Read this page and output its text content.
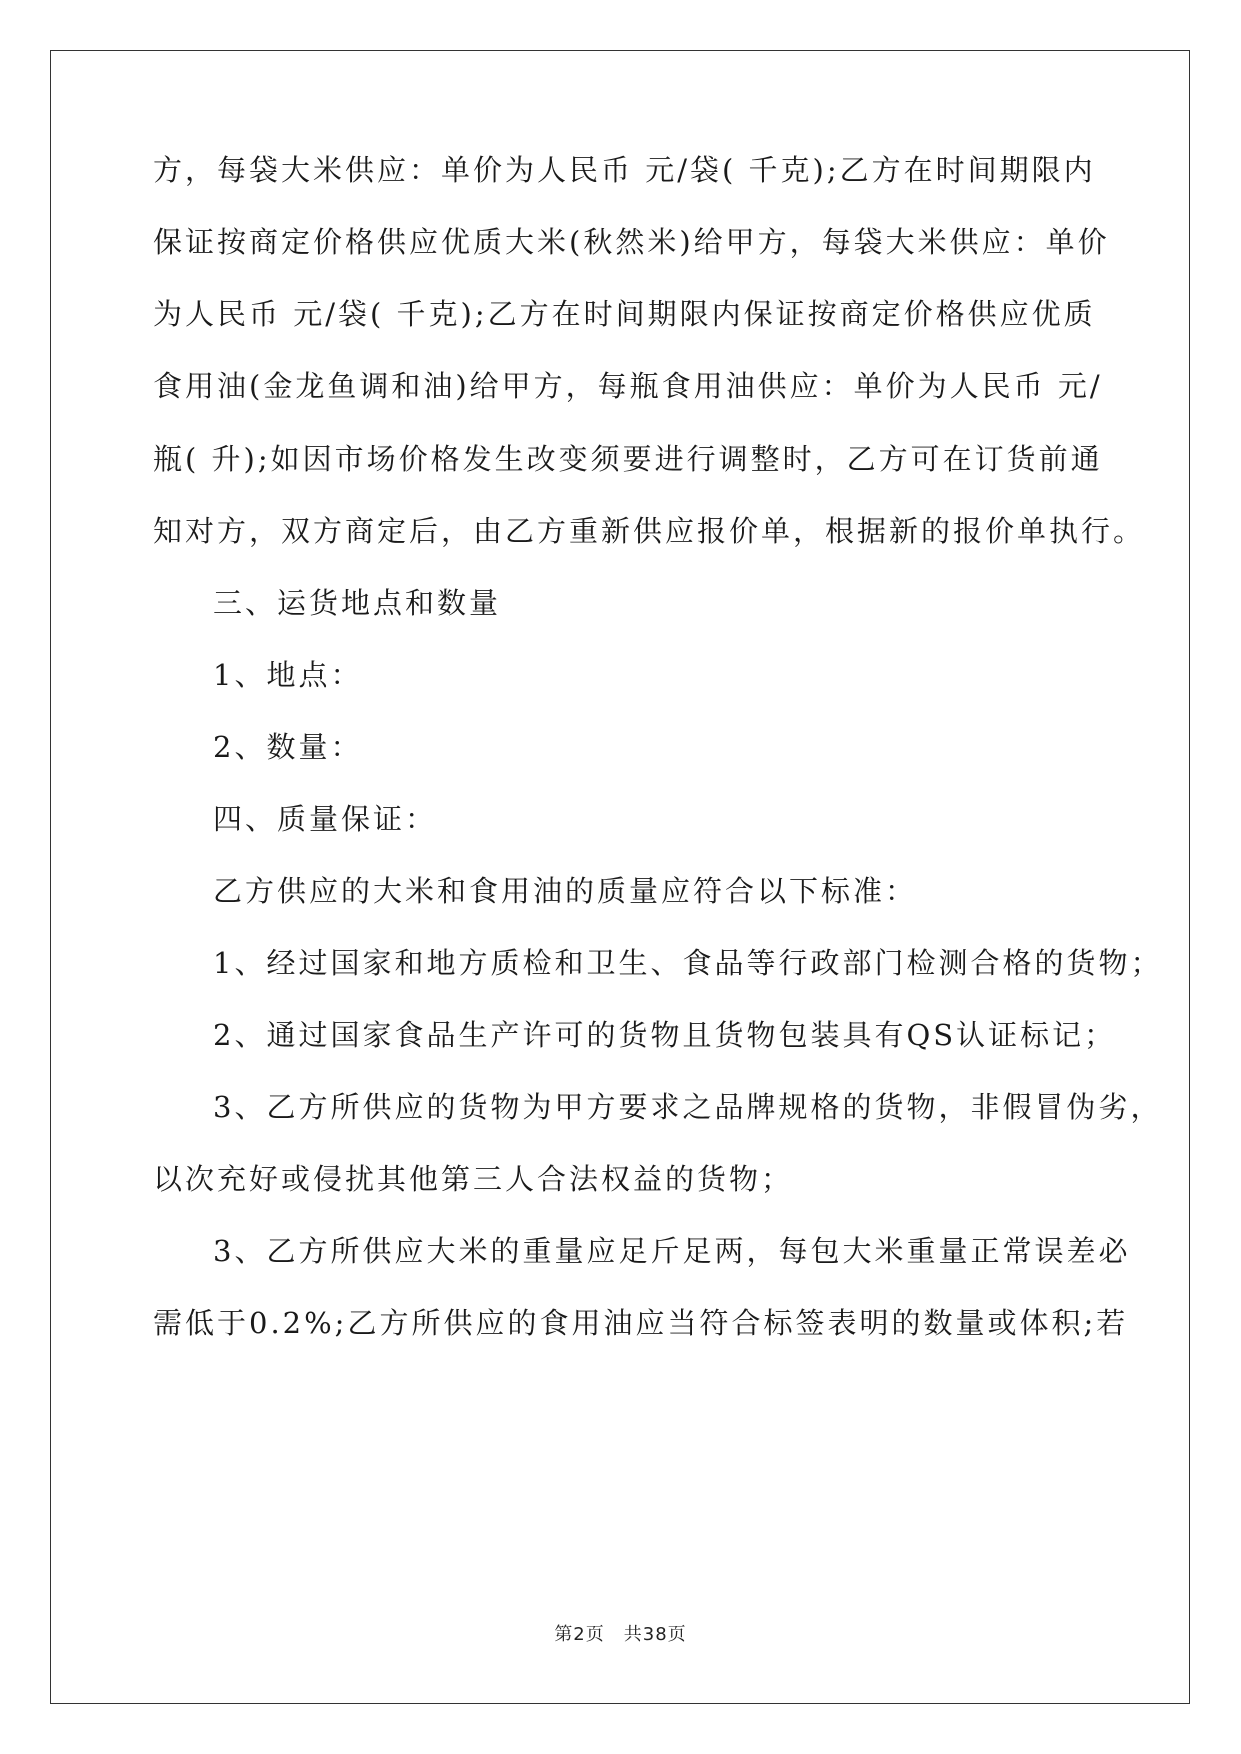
方，每袋大米供应：单价为人民币 元/袋( 千克);乙方在时间期限内
保证按商定价格供应优质大米(秋然米)给甲方，每袋大米供应：单价
为人民币 元/袋( 千克);乙方在时间期限内保证按商定价格供应优质
食用油(金龙鱼调和油)给甲方，每瓶食用油供应：单价为人民币 元/
瓶( 升);如因市场价格发生改变须要进行调整时，乙方可在订货前通
知对方，双方商定后，由乙方重新供应报价单，根据新的报价单执行。
三、运货地点和数量
1、地点：
2、数量：
四、质量保证：
乙方供应的大米和食用油的质量应符合以下标准：
1、经过国家和地方质检和卫生、食品等行政部门检测合格的货物；
2、通过国家食品生产许可的货物且货物包装具有QS认证标记；
3、乙方所供应的货物为甲方要求之品牌规格的货物，非假冒伪劣，
以次充好或侵扰其他第三人合法权益的货物；
3、乙方所供应大米的重量应足斤足两，每包大米重量正常误差必
需低于0.2%;乙方所供应的食用油应当符合标签表明的数量或体积;若
第2页　共38页
